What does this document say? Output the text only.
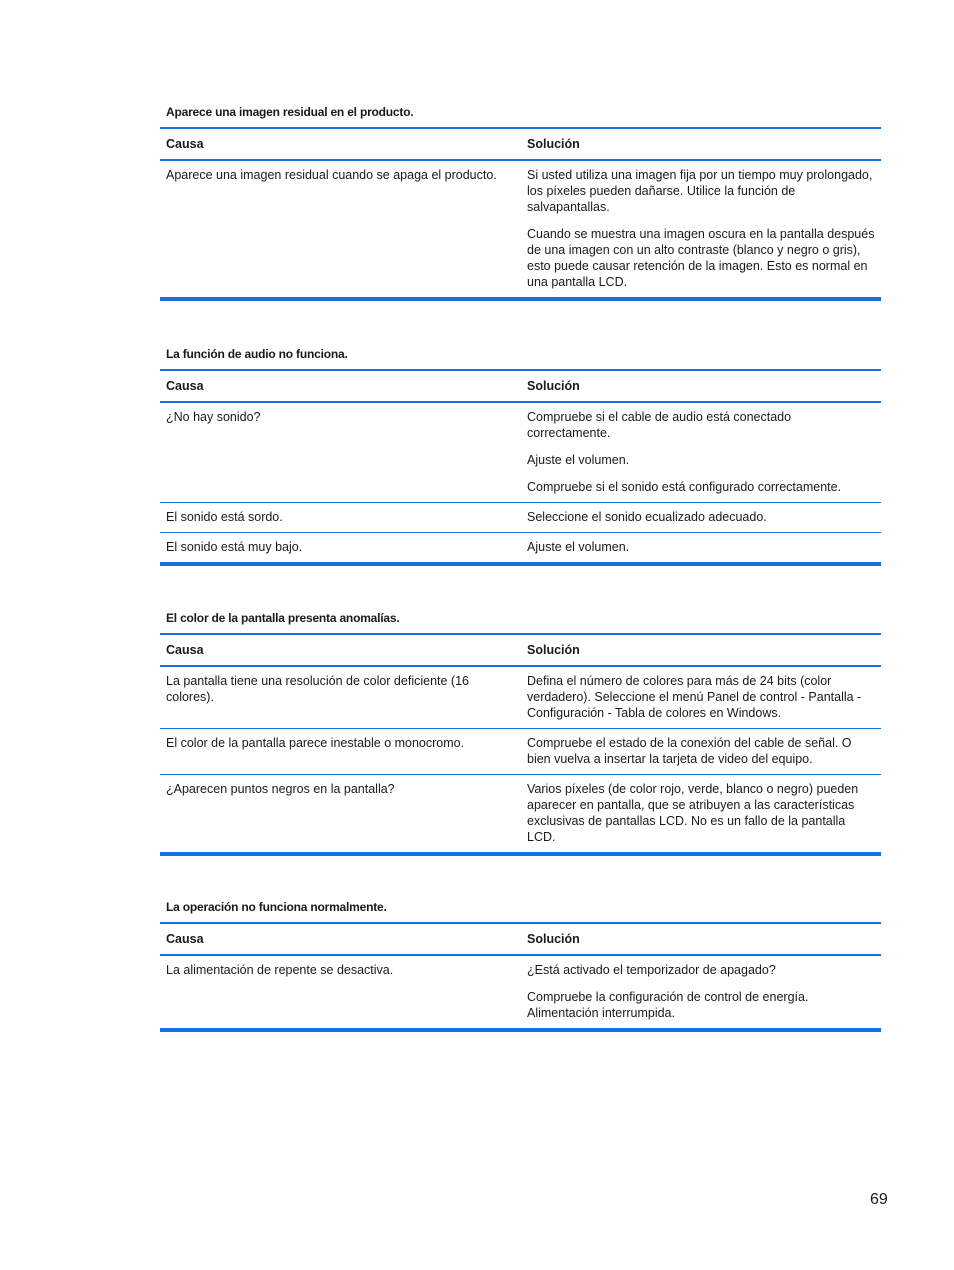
Aparece una imagen residual en el producto.
Causa	Solución
Aparece una imagen residual cuando se apaga el producto.	Si usted utiliza una imagen fija por un tiempo muy prolongado, los píxeles pueden dañarse. Utilice la función de salvapantallas.

Cuando se muestra una imagen oscura en la pantalla después de una imagen con un alto contraste (blanco y negro o gris), esto puede causar retención de la imagen. Esto es normal en una pantalla LCD.

La función de audio no funciona.
Causa	Solución
¿No hay sonido?	Compruebe si el cable de audio está conectado correctamente.

Ajuste el volumen.

Compruebe si el sonido está configurado correctamente.

El sonido está sordo.	Seleccione el sonido ecualizado adecuado.

El sonido está muy bajo.	Ajuste el volumen.

El color de la pantalla presenta anomalías.
Causa	Solución
La pantalla tiene una resolución de color deficiente (16 colores).	Defina el número de colores para más de 24 bits (color verdadero). Seleccione el menú Panel de control - Pantalla - Configuración - Tabla de colores en Windows.

El color de la pantalla parece inestable o monocromo.	Compruebe el estado de la conexión del cable de señal. O bien vuelva a insertar la tarjeta de video del equipo.

¿Aparecen puntos negros en la pantalla?	Varios píxeles (de color rojo, verde, blanco o negro) pueden aparecer en pantalla, que se atribuyen a las características exclusivas de pantallas LCD. No es un fallo de la pantalla LCD.

La operación no funciona normalmente.
Causa	Solución
La alimentación de repente se desactiva.	¿Está activado el temporizador de apagado?

Compruebe la configuración de control de energía. Alimentación interrumpida.

69
